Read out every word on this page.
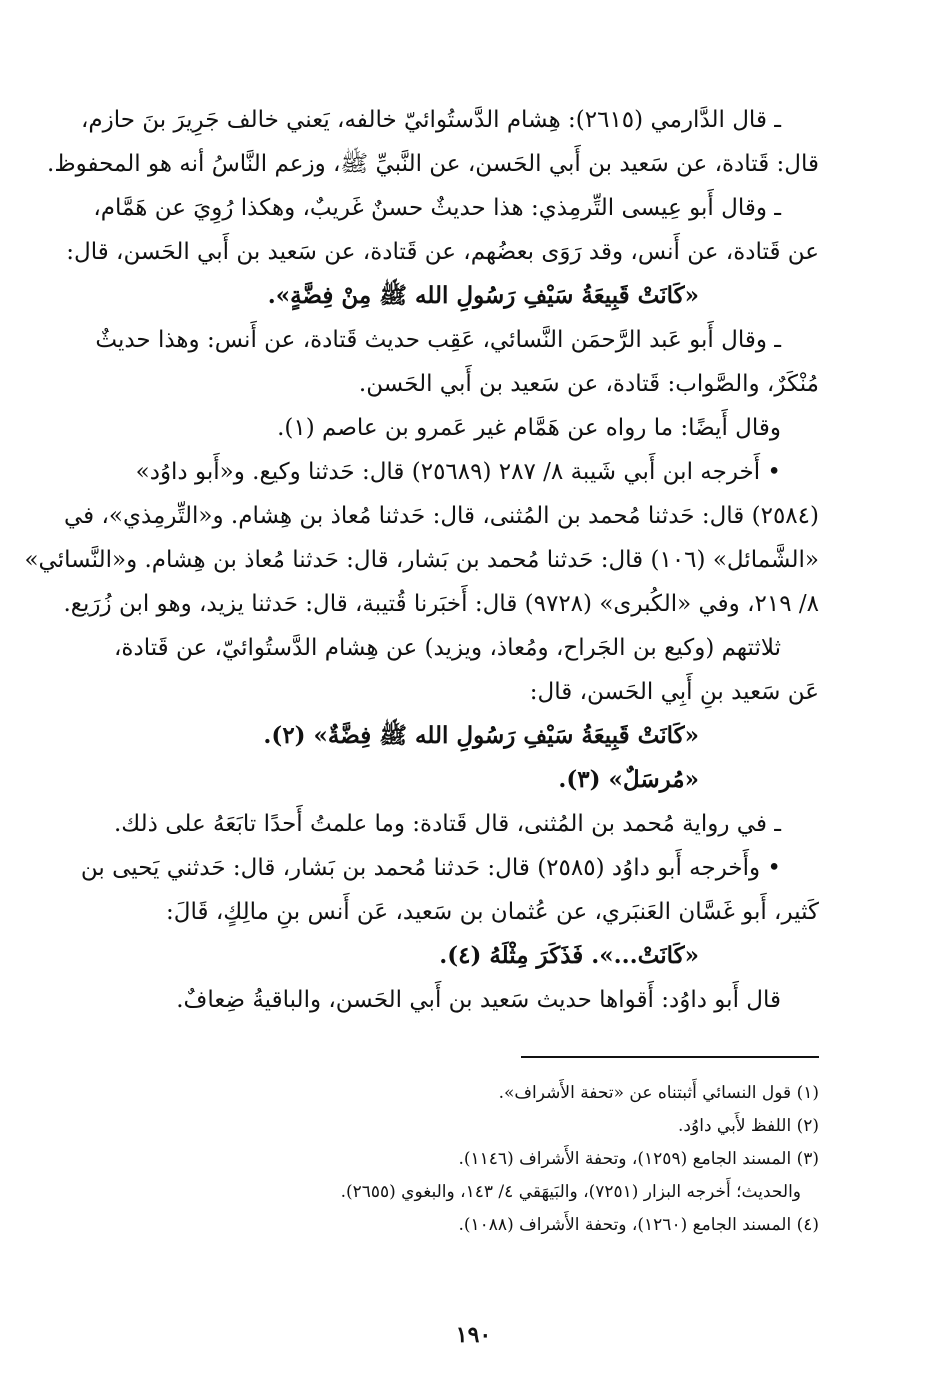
ـ قال الدَّارمي (٢٦١٥): هِشام الدَّستُوائيّ خالفه، يَعني خالف جَرِيرَ بنَ حازم،
قال: قَتادة، عن سَعيد بن أَبي الحَسن، عن النَّبيِّ ﷺ، وزعم النَّاسُ أنه هو المحفوظ.
ـ وقال أَبو عِيسى التِّرمِذي: هذا حديثٌ حسنٌ غَريبٌ، وهكذا رُوِيَ عن هَمَّام،
عن قَتادة، عن أَنس، وقد رَوَى بعضُهم، عن قَتادة، عن سَعيد بن أَبي الحَسن، قال:
«كَانَتْ قَبِيعَةُ سَيْفِ رَسُولِ الله ﷺ مِنْ فِضَّةٍ».
ـ وقال أَبو عَبد الرَّحمَن النَّسائي، عَقِب حديث قَتادة، عن أَنس: وهذا حديثٌ
مُنْكَرٌ، والصَّواب: قَتادة، عن سَعيد بن أَبي الحَسن.
وقال أَيضًا: ما رواه عن هَمَّام غير عَمرو بن عاصم (١).
• أَخرجه ابن أَبي شَيبة ٨/ ٢٨٧ (٢٥٦٨٩) قال: حَدثنا وكيع. و«أَبو داوُد»
(٢٥٨٤) قال: حَدثنا مُحمد بن المُثنى، قال: حَدثنا مُعاذ بن هِشام. و«التِّرمِذي»، في
«الشَّمائل» (١٠٦) قال: حَدثنا مُحمد بن بَشار، قال: حَدثنا مُعاذ بن هِشام. و«النَّسائي»
٨/ ٢١٩، وفي «الكُبرى» (٩٧٢٨) قال: أَخبَرنا قُتيبة، قال: حَدثنا يزيد، وهو ابن زُرَيع.
ثلاثتهم (وكيع بن الجَراح، ومُعاذ، ويزيد) عن هِشام الدَّستُوائيّ، عن قَتادة،
عَن سَعيد بنِ أَبِي الحَسن، قال:
«كَانَتْ قَبِيعَةُ سَيْفِ رَسُولِ الله ﷺ فِضَّةٌ» (٢).
«مُرسَلٌ» (٣).
ـ في رواية مُحمد بن المُثنى، قال قَتادة: وما علمتُ أَحدًا تابَعَهُ على ذلك.
• وأَخرجه أَبو داوُد (٢٥٨٥) قال: حَدثنا مُحمد بن بَشار، قال: حَدثني يَحيى بن
كَثير، أَبو غَسَّان العَنبَري، عن عُثمان بن سَعيد، عَن أَنس بنِ مالِكٍ، قَالَ:
«كَانَتْ...». فَذَكَرَ مِثْلَهُ (٤).
قال أَبو داوُد: أَقواها حديث سَعيد بن أَبي الحَسن، والباقيةُ ضِعافٌ.
(١) قول النسائي أَثبتناه عن «تحفة الأَشراف».
(٢) اللفظ لأَبي داوُد.
(٣) المسند الجامع (١٢٥٩)، وتحفة الأَشراف (١١٤٦).
والحديث؛ أَخرجه البزار (٧٢٥١)، والبَيهَقي ٤/ ١٤٣، والبغوي (٢٦٥٥).
(٤) المسند الجامع (١٢٦٠)، وتحفة الأَشراف (١٠٨٨).
١٩٠
